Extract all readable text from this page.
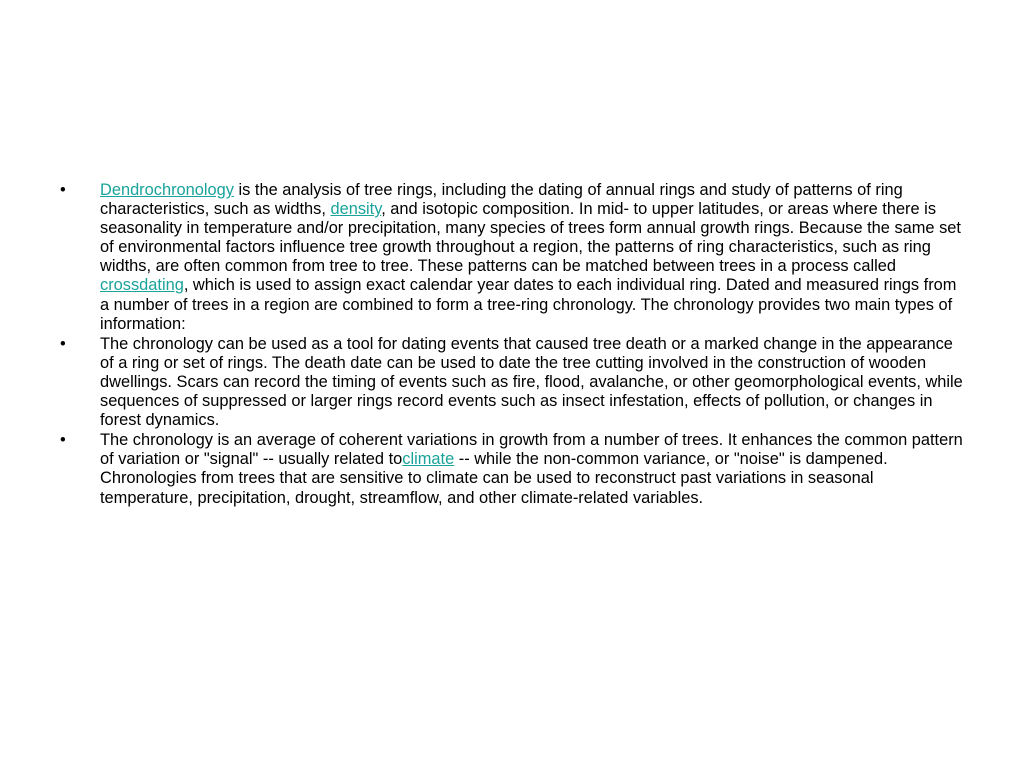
• Dendrochronology is the analysis of tree rings, including the dating of annual rings and study of patterns of ring characteristics, such as widths, density, and isotopic composition. In mid- to upper latitudes, or areas where there is seasonality in temperature and/or precipitation, many species of trees form annual growth rings. Because the same set of environmental factors influence tree growth throughout a region, the patterns of ring characteristics, such as ring widths, are often common from tree to tree. These patterns can be matched between trees in a process called crossdating, which is used to assign exact calendar year dates to each individual ring. Dated and measured rings from a number of trees in a region are combined to form a tree-ring chronology. The chronology provides two main types of information:
• The chronology can be used as a tool for dating events that caused tree death or a marked change in the appearance of a ring or set of rings. The death date can be used to date the tree cutting involved in the construction of wooden dwellings. Scars can record the timing of events such as fire, flood, avalanche, or other geomorphological events, while sequences of suppressed or larger rings record events such as insect infestation, effects of pollution, or changes in forest dynamics.
• The chronology is an average of coherent variations in growth from a number of trees. It enhances the common pattern of variation or "signal" -- usually related toclimate -- while the non-common variance, or "noise" is dampened. Chronologies from trees that are sensitive to climate can be used to reconstruct past variations in seasonal temperature, precipitation, drought, streamflow, and other climate-related variables.
